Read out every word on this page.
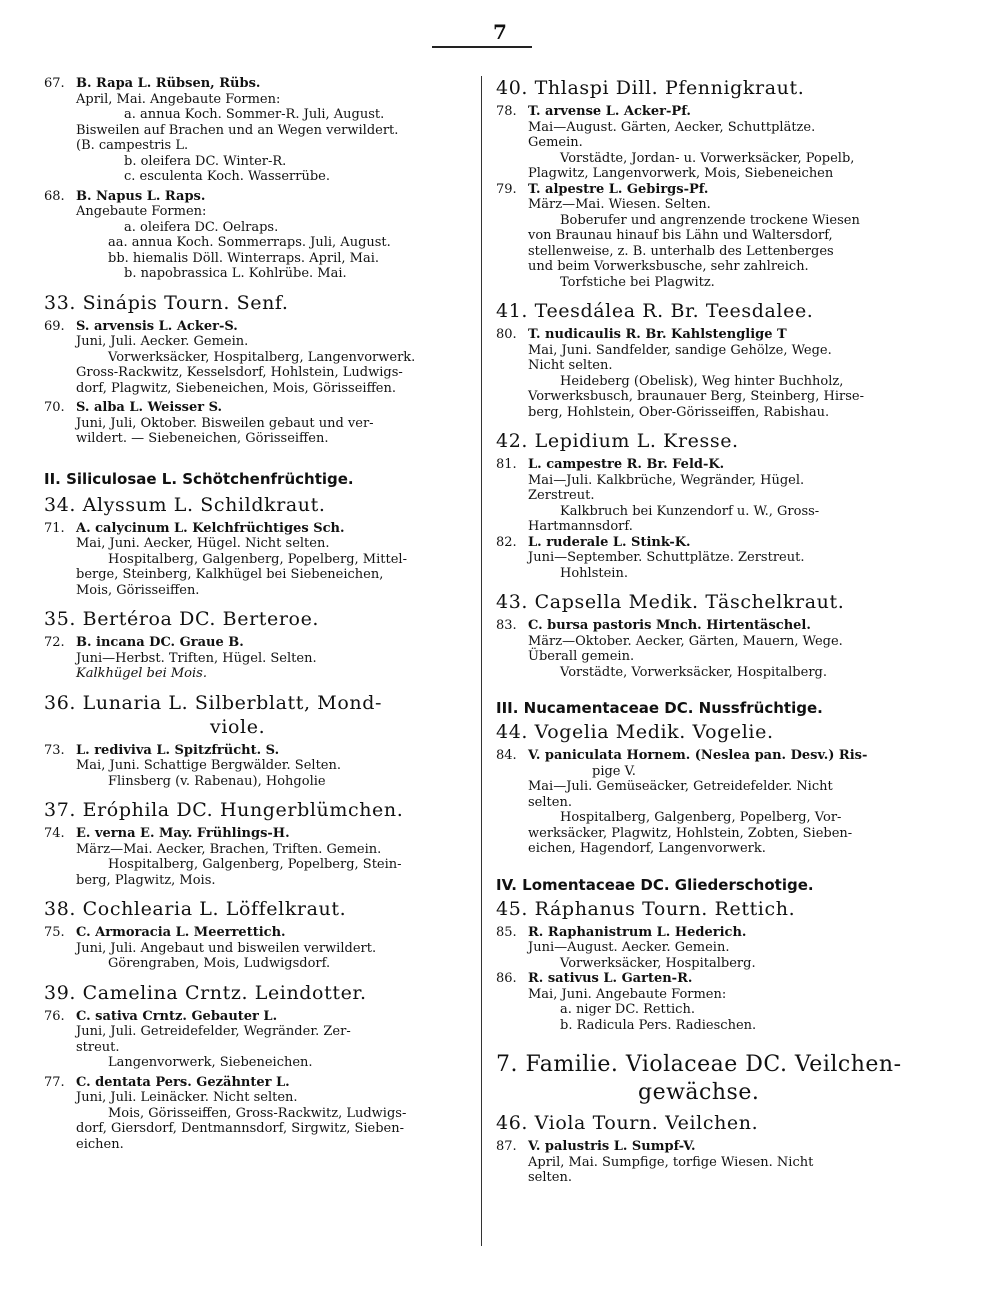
7
67. B. Rapa L. Rübsen, Rübs.

April, Mai. Angebaute Formen:

a. annua Koch. Sommer-R. Juli, August.

Bisweilen auf Brachen und an Wegen verwildert.

(B. campestris L.

b. oleifera DC. Winter-R.

c. esculenta Koch. Wasserrübe.

68. B. Napus L. Raps.

Angebaute Formen:

a. oleifera DC. Oelraps.

aa. annua Koch. Sommerraps. Juli, August.

bb. hiemalis Döll. Winterraps. April, Mai.

b. napobrassica L. Kohlrübe. Mai.

33. Sinápis Tourn. Senf.
69. S. arvensis L. Acker-S.

Juni, Juli. Aecker. Gemein.

Vorwerksäcker, Hospitalberg, Langenvorwerk.

Gross-Rackwitz, Kesselsdorf, Hohlstein, Ludwigs-

dorf, Plagwitz, Siebeneichen, Mois, Görisseiffen.

70. S. alba L. Weisser S.

Juni, Juli, Oktober. Bisweilen gebaut und ver-

wildert. — Siebeneichen, Görisseiffen.

II. Siliculosae L. Schötchenfrüchtige.
34. Alyssum L. Schildkraut.
71. A. calycinum L. Kelchfrüchtiges Sch.

Mai, Juni. Aecker, Hügel. Nicht selten.

Hospitalberg, Galgenberg, Popelberg, Mittel-

berge, Steinberg, Kalkhügel bei Siebeneichen,

Mois, Görisseiffen.

35. Bertéroa DC. Berteroe.
72. B. incana DC. Graue B.

Juni—Herbst. Triften, Hügel. Selten.

Kalkhügel bei Mois.

36. Lunaria L. Silberblatt, Mond-
viole.
73. L. rediviva L. Spitzfrücht. S.

Mai, Juni. Schattige Bergwälder. Selten.

Flinsberg (v. Rabenau), Hohgolie

37. Eróphila DC. Hungerblümchen.
74. E. verna E. May. Frühlings-H.

März—Mai. Aecker, Brachen, Triften. Gemein.

Hospitalberg, Galgenberg, Popelberg, Stein-

berg, Plagwitz, Mois.

38. Cochlearia L. Löffelkraut.
75. C. Armoracia L. Meerrettich.

Juni, Juli. Angebaut und bisweilen verwildert.

Görengraben, Mois, Ludwigsdorf.

39. Camelina Crntz. Leindotter.
76. C. sativa Crntz. Gebauter L.

Juni, Juli. Getreidefelder, Wegränder. Zer-

streut.

Langenvorwerk, Siebeneichen.

77. C. dentata Pers. Gezähnter L.

Juni, Juli. Leinäcker. Nicht selten.

Mois, Görisseiffen, Gross-Rackwitz, Ludwigs-

dorf, Giersdorf, Dentmannsdorf, Sirgwitz, Sieben-

eichen.

40. Thlaspi Dill. Pfennigkraut.
78. T. arvense L. Acker-Pf.

Mai—August. Gärten, Aecker, Schuttplätze.

Gemein.

Vorstädte, Jordan- u. Vorwerksäcker, Popelb,

Plagwitz, Langenvorwerk, Mois, Siebeneichen

79. T. alpestre L. Gebirgs-Pf.

März—Mai. Wiesen. Selten.

Boberufer und angrenzende trockene Wiesen

von Braunau hinauf bis Lähn und Waltersdorf,

stellenweise, z. B. unterhalb des Lettenberges

und beim Vorwerksbusche, sehr zahlreich.

Torfstiche bei Plagwitz.

41. Teesdálea R. Br. Teesdalee.
80. T. nudicaulis R. Br. Kahlstenglige T

Mai, Juni. Sandfelder, sandige Gehölze, Wege.

Nicht selten.

Heideberg (Obelisk), Weg hinter Buchholz,

Vorwerksbusch, braunauer Berg, Steinberg, Hirse-

berg, Hohlstein, Ober-Görisseiffen, Rabishau.

42. Lepidium L. Kresse.
81. L. campestre R. Br. Feld-K.

Mai—Juli. Kalkbrüche, Wegränder, Hügel.

Zerstreut.

Kalkbruch bei Kunzendorf u. W., Gross-

Hartmannsdorf.

82. L. ruderale L. Stink-K.

Juni—September. Schuttplätze. Zerstreut.

Hohlstein.

43. Capsella Medik. Täschelkraut.
83. C. bursa pastoris Mnch. Hirtentäschel.

März—Oktober. Aecker, Gärten, Mauern, Wege.

Überall gemein.

Vorstädte, Vorwerksäcker, Hospitalberg.

III. Nucamentaceae DC. Nussfrüchtige.
44. Vogelia Medik. Vogelie.
84. V. paniculata Hornem. (Neslea pan. Desv.) Ris-

pige V.

Mai—Juli. Gemüseäcker, Getreidefelder. Nicht

selten.

Hospitalberg, Galgenberg, Popelberg, Vor-

werksäcker, Plagwitz, Hohlstein, Zobten, Sieben-

eichen, Hagendorf, Langenvorwerk.

IV. Lomentaceae DC. Gliederschotige.
45. Ráphanus Tourn. Rettich.
85. R. Raphanistrum L. Hederich.

Juni—August. Aecker. Gemein.

Vorwerksäcker, Hospitalberg.

86. R. sativus L. Garten-R.

Mai, Juni. Angebaute Formen:

a. niger DC. Rettich.

b. Radicula Pers. Radieschen.

7. Familie. Violaceae DC. Veilchen-
gewächse.
46. Viola Tourn. Veilchen.
87. V. palustris L. Sumpf-V.

April, Mai. Sumpfige, torfige Wiesen. Nicht

selten.
